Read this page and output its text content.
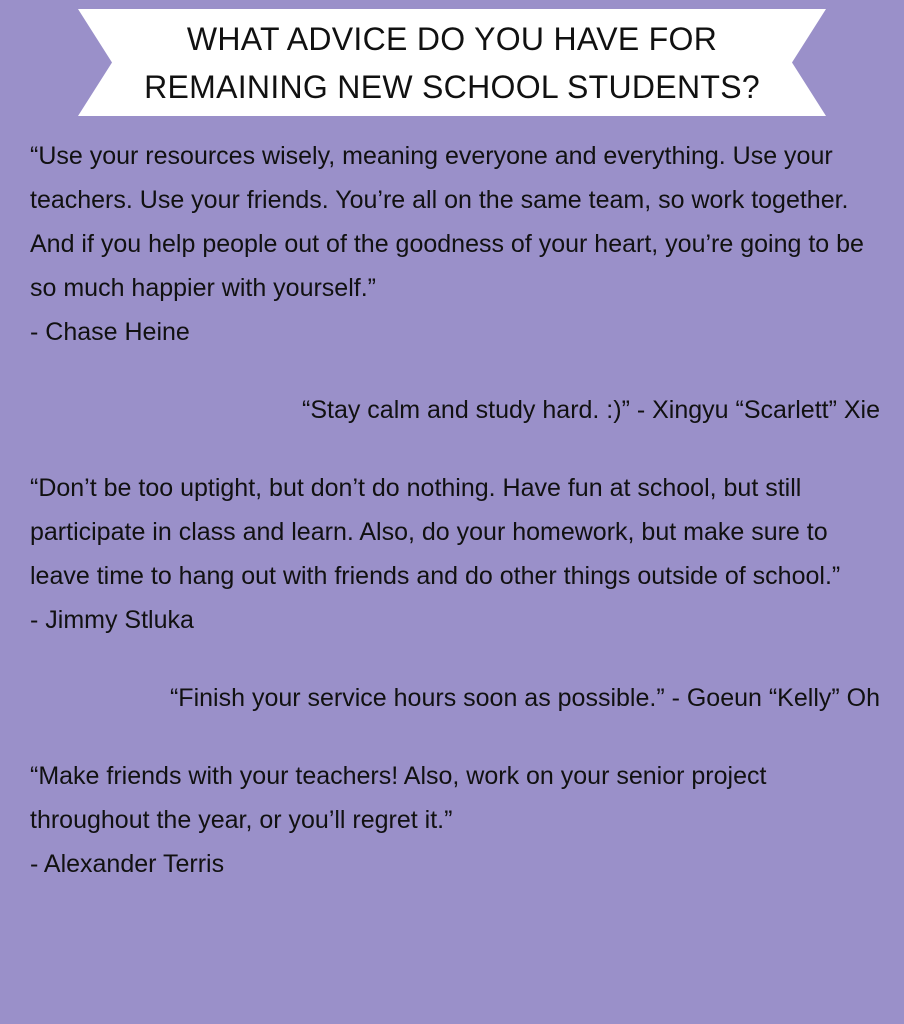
WHAT ADVICE DO YOU HAVE FOR
REMAINING NEW SCHOOL STUDENTS?

“Use your resources wisely, meaning everyone and everything. Use your teachers. Use your friends. You’re all on the same team, so work together. And if you help people out of the goodness of your heart, you’re going to be so much happier with yourself.”

- Chase Heine

“Stay calm and study hard. :)” - Xingyu “Scarlett” Xie

“Don’t be too uptight, but don’t do nothing. Have fun at school, but still participate in class and learn. Also, do your homework, but make sure to leave time to hang out with friends and do other things outside of school.”

- Jimmy Stluka

“Finish your service hours soon as possible.” - Goeun “Kelly” Oh

“Make friends with your teachers! Also, work on your senior project throughout the year, or you’ll regret it.”

- Alexander Terris
